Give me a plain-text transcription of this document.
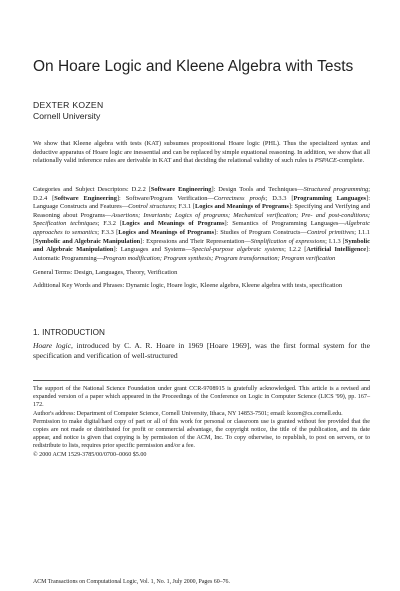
On Hoare Logic and Kleene Algebra with Tests
DEXTER KOZEN
Cornell University

We show that Kleene algebra with tests (KAT) subsumes propositional Hoare logic (PHL). Thus the specialized syntax and deductive apparatus of Hoare logic are inessential and can be replaced by simple equational reasoning. In addition, we show that all relationally valid inference rules are derivable in KAT and that deciding the relational validity of such rules is PSPACE-complete.

Categories and Subject Descriptors: D.2.2 [Software Engineering]: Design Tools and Techniques—Structured programming; D.2.4 [Software Engineering]: Software/Program Verification—Correctness proofs; D.3.3 [Programming Languages]: Language Constructs and Features—Control structures; F.3.1 [Logics and Meanings of Programs]: Specifying and Verifying and Reasoning about Programs—Assertions; Invariants; Logics of programs; Mechanical verification; Pre- and post-conditions; Specification techniques; F.3.2 [Logics and Meanings of Programs]: Semantics of Programming Languages—Algebraic approaches to semantics; F.3.3 [Logics and Meanings of Programs]: Studies of Program Constructs—Control primitives; I.1.1 [Symbolic and Algebraic Manipulation]: Expressions and Their Representation—Simplification of expressions; I.1.3 [Symbolic and Algebraic Manipulation]: Languages and Systems—Special-purpose algebraic systems; I.2.2 [Artificial Intelligence]: Automatic Programming—Program modification; Program synthesis; Program transformation; Program verification

General Terms: Design, Languages, Theory, Verification

Additional Key Words and Phrases: Dynamic logic, Hoare logic, Kleene algebra, Kleene algebra with tests, specification

1. INTRODUCTION

Hoare logic, introduced by C. A. R. Hoare in 1969 [Hoare 1969], was the first formal system for the specification and verification of well-structured

The support of the National Science Foundation under grant CCR-9708915 is gratefully acknowledged. This article is a revised and expanded version of a paper which appeared in the Proceedings of the Conference on Logic in Computer Science (LICS '99), pp. 167–172.
Author's address: Department of Computer Science, Cornell University, Ithaca, NY 14853-7501; email: kozen@cs.cornell.edu.
Permission to make digital/hard copy of part or all of this work for personal or classroom use is granted without fee provided that the copies are not made or distributed for profit or commercial advantage, the copyright notice, the title of the publication, and its date appear, and notice is given that copying is by permission of the ACM, Inc. To copy otherwise, to republish, to post on servers, or to redistribute to lists, requires prior specific permission and/or a fee.
© 2000 ACM 1529-3785/00/0700–0060 $5.00
ACM Transactions on Computational Logic, Vol. 1, No. 1, July 2000, Pages 60–76.
